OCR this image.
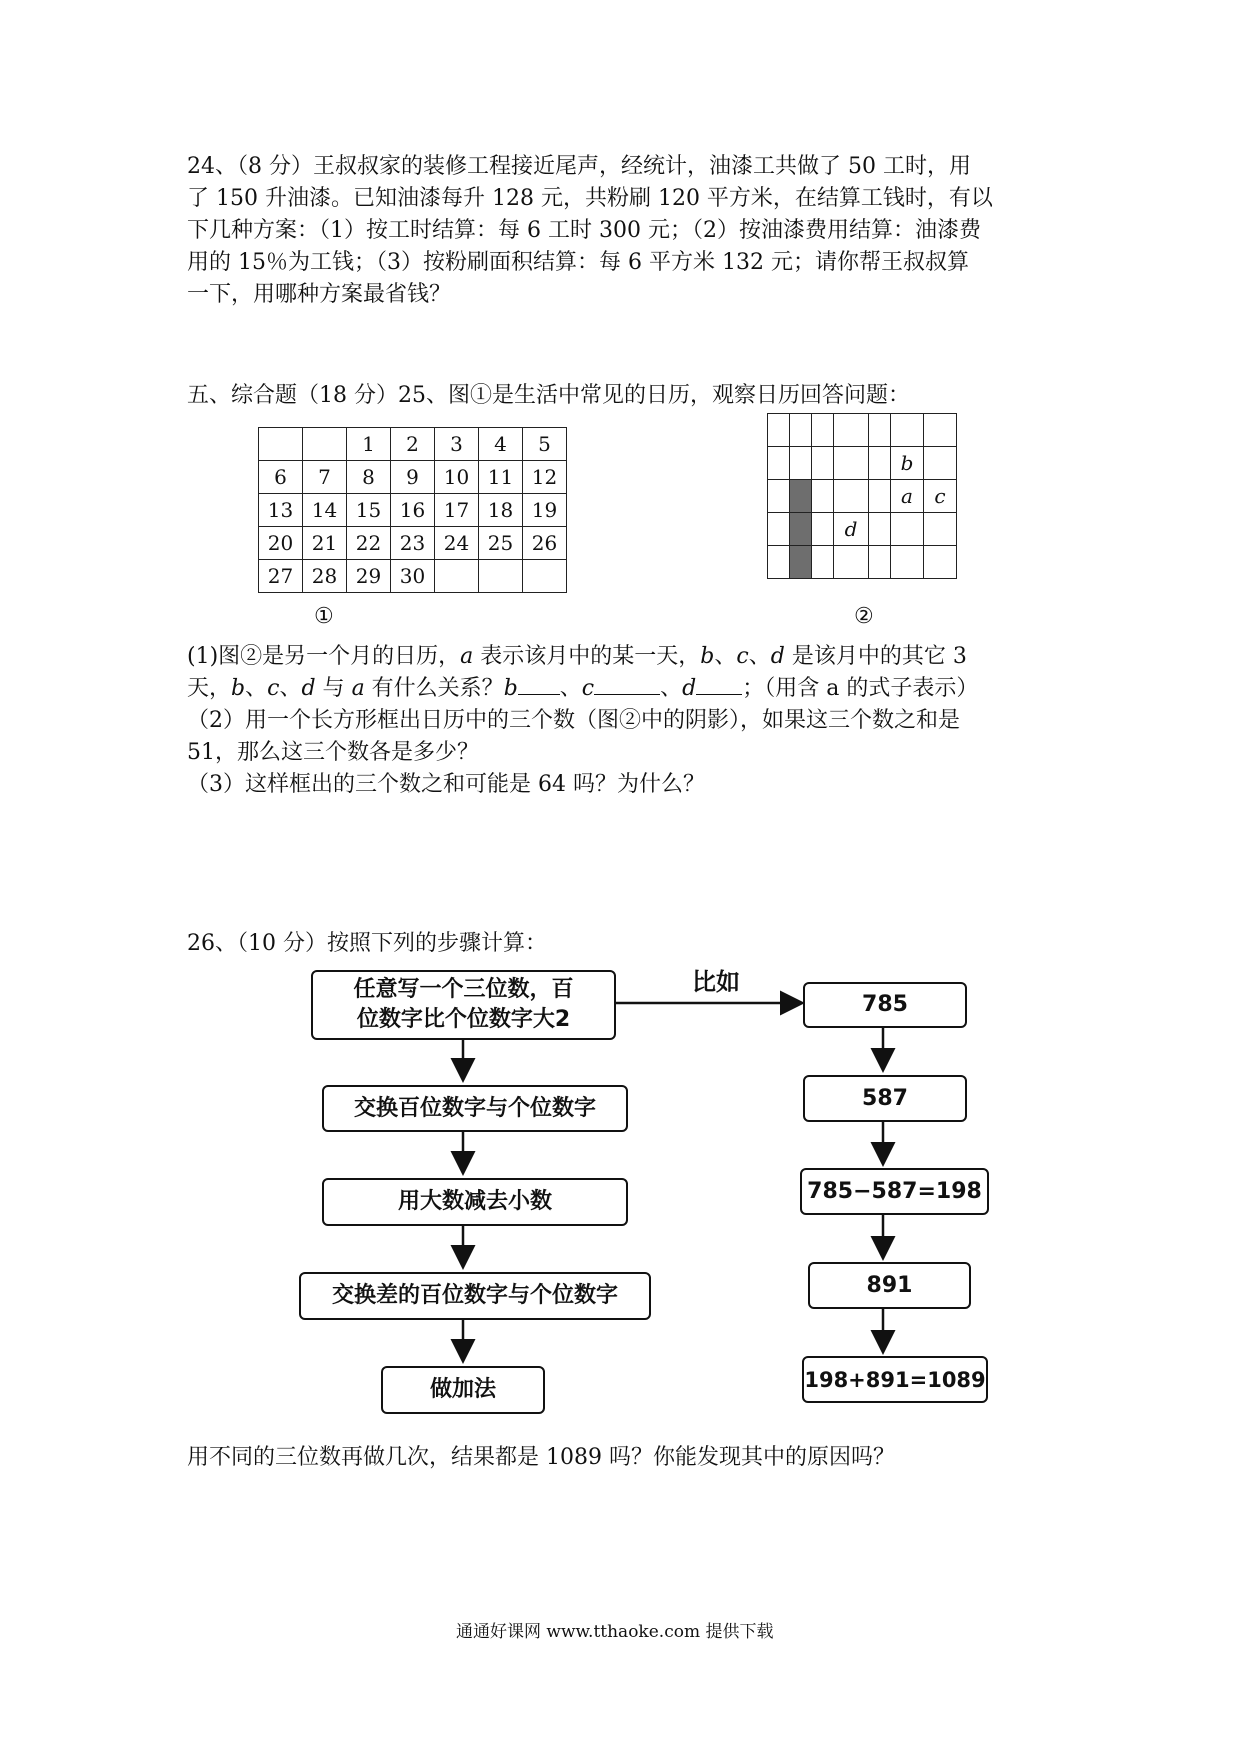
24、（8 分）王叔叔家的装修工程接近尾声，经统计，油漆工共做了 50 工时，用
了 150 升油漆。已知油漆每升 128 元，共粉刷 120 平方米，在结算工钱时，有以
下几种方案：（1）按工时结算：每 6 工时 300 元；（2）按油漆费用结算：油漆费
用的 15％为工钱；（3）按粉刷面积结算：每 6 平方米 132 元；请你帮王叔叔算
一下，用哪种方案最省钱？
五、综合题（18 分）25、图①是生活中常见的日历，观察日历回答问题：
		1	2	3	4	5
6	7	8	9	10	11	12
13	14	15	16	17	18	19
20	21	22	23	24	25	26
27	28	29	30			
①

					b	
					a	c
			d			

②
(1)图②是另一个月的日历，a 表示该月中的某一天，b、c、d 是该月中的其它 3
天，b、c、d 与 a 有什么关系？b 、c	、d ；（用含 a 的式子表示）
（2）用一个长方形框出日历中的三个数（图②中的阴影），如果这三个数之和是
51，那么这三个数各是多少？
（3）这样框出的三个数之和可能是 64 吗？为什么？
26、（10 分）按照下列的步骤计算：
比如
任意写一个三位数，百位数字比个位数字大2
交换百位数字与个位数字
用大数减去小数
交换差的百位数字与个位数字
做加法
785
587
785−587=198
891
198+891=1089
用不同的三位数再做几次，结果都是 1089 吗？你能发现其中的原因吗？
通通好课网 www.tthaoke.com 提供下载
